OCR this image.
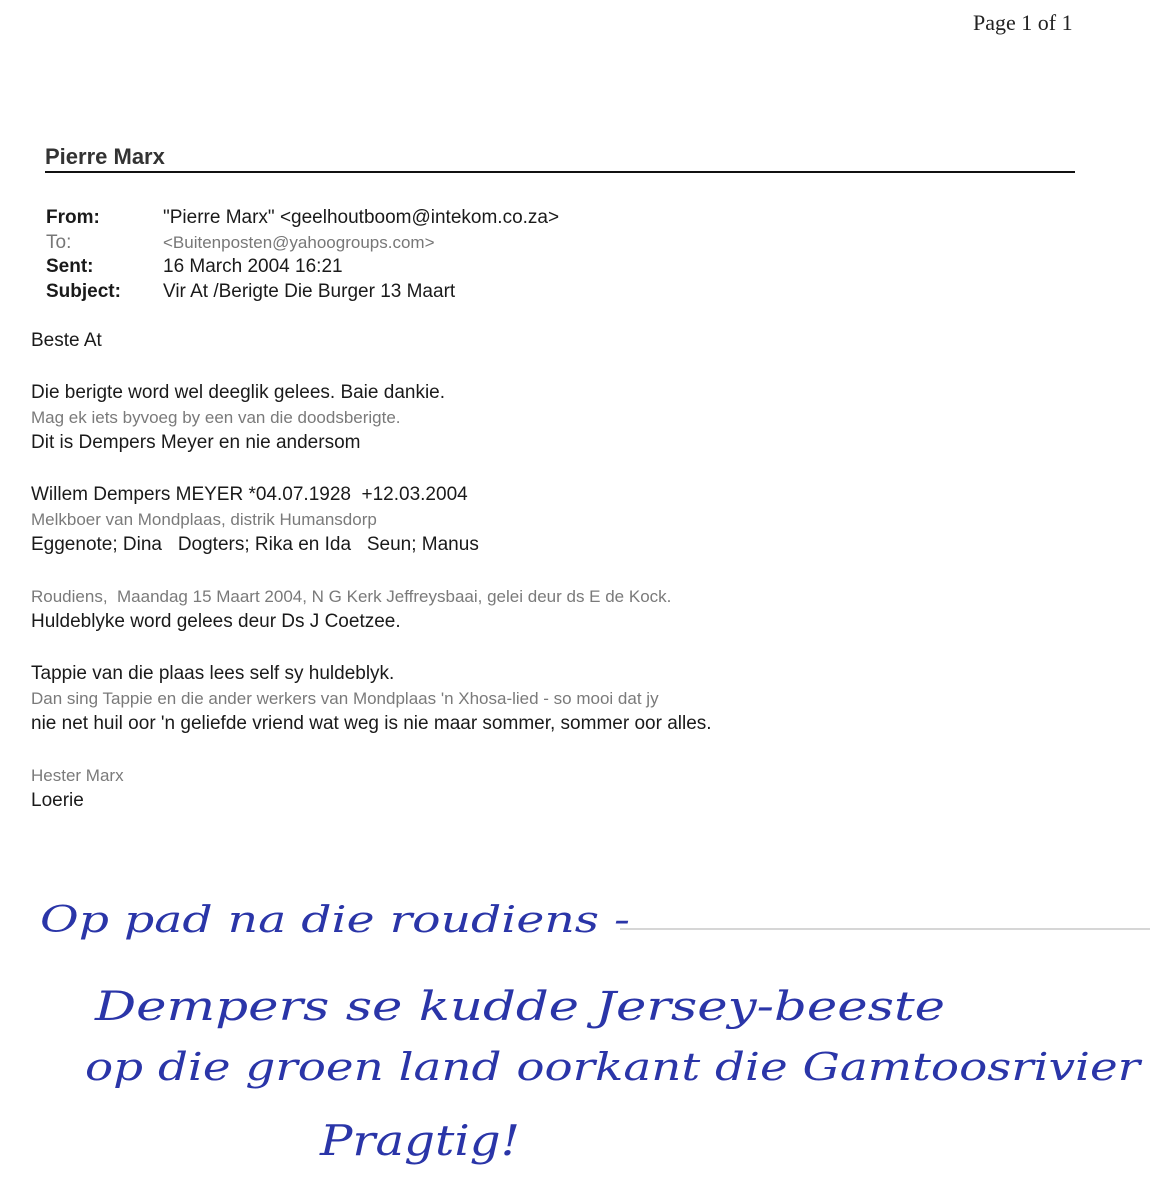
Page 1 of 1
Pierre Marx
From:	"Pierre Marx" <geelhoutboom@intekom.co.za>
To:	<Buitenposten@yahoogroups.com>
Sent:	16 March 2004 16:21
Subject:	Vir At /Berigte Die Burger 13 Maart
Beste At
Die berigte word wel deeglik gelees. Baie dankie.
Mag ek iets byvoeg by een van die doodsberigte.
Dit is Dempers Meyer en nie andersom
Willem Dempers MEYER *04.07.1928  +12.03.2004
Melkboer van Mondplaas, distrik Humansdorp
Eggenote; Dina   Dogters; Rika en Ida   Seun; Manus
Roudiens,  Maandag 15 Maart 2004, N G Kerk Jeffreysbaai, gelei deur ds E de Kock.
Huldeblyke word gelees deur Ds J Coetzee.
Tappie van die plaas lees self sy huldeblyk.
Dan sing Tappie en die ander werkers van Mondplaas 'n Xhosa-lied - so mooi dat jy
nie net huil oor 'n geliefde vriend wat weg is nie maar sommer, sommer oor alles.
Hester Marx
Loerie
Op pad na die roudiens -
Dempers se kudde Jersey-beeste
op die groen land oorkant die Gamtoosrivier
Pragtig!
